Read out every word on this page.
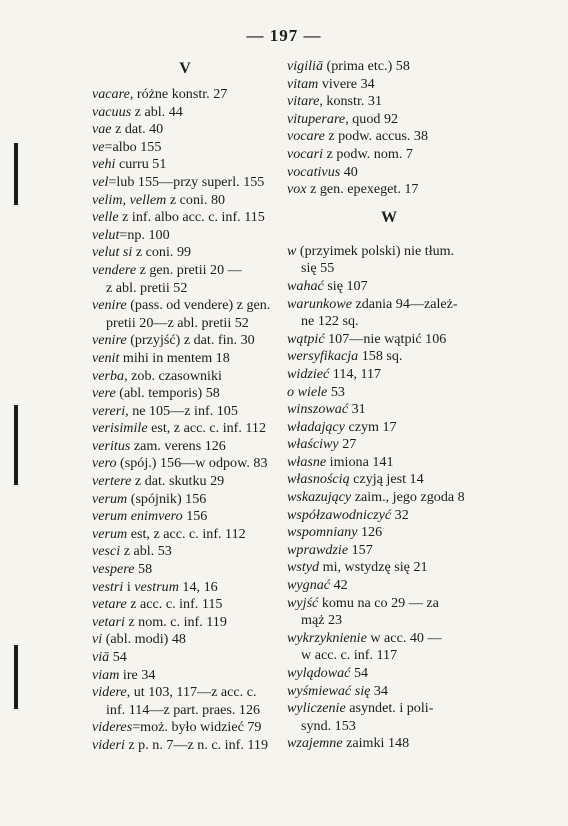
— 197 —
V
vacare, różne konstr. 27
vacuus z abl. 44
vae z dat. 40
ve=albo 155
vehi curru 51
vel=lub 155—przy superl. 155
velim, vellem z coni. 80
velle z inf. albo acc. c. inf. 115
velut=np. 100
velut si z coni. 99
vendere z gen. pretii 20 —
z abl. pretii 52
venire (pass. od vendere) z gen.
pretii 20—z abl. pretii 52
venire (przyjść) z dat. fin. 30
venit mihi in mentem 18
verba, zob. czasowniki
vere (abl. temporis) 58
vereri, ne 105—z inf. 105
verisimile est, z acc. c. inf. 112
veritus zam. verens 126
vero (spój.) 156—w odpow. 83
vertere z dat. skutku 29
verum (spójnik) 156
verum enimvero 156
verum est, z acc. c. inf. 112
vesci z abl. 53
vespere 58
vestri i vestrum 14, 16
vetare z acc. c. inf. 115
vetari z nom. c. inf. 119
vi (abl. modi) 48
viā 54
viam ire 34
videre, ut 103, 117—z acc. c.
inf. 114—z part. praes. 126
videres=moż. było widzieć 79
videri z p. n. 7—z n. c. inf. 119
vigiliā (prima etc.) 58
vitam vivere 34
vitare, konstr. 31
vituperare, quod 92
vocare z podw. accus. 38
vocari z podw. nom. 7
vocativus 40
vox z gen. epexeget. 17
W
w (przyimek polski) nie tłum.
się 55
wahać się 107
warunkowe zdania 94—zależ-
ne 122 sq.
wątpić 107—nie wątpić 106
wersyfikacja 158 sq.
widzieć 114, 117
o wiele 53
winszować 31
władający czym 17
właściwy 27
własne imiona 141
własnością czyją jest 14
wskazujący zaim., jego zgoda 8
współzawodniczyć 32
wspomniany 126
wprawdzie 157
wstyd mi, wstydzę się 21
wygnać 42
wyjść komu na co 29 — za
mąż 23
wykrzyknienie w acc. 40 —
w acc. c. inf. 117
wylądować 54
wyśmiewać się 34
wyliczenie asyndet. i poli-
synd. 153
wzajemne zaimki 148
